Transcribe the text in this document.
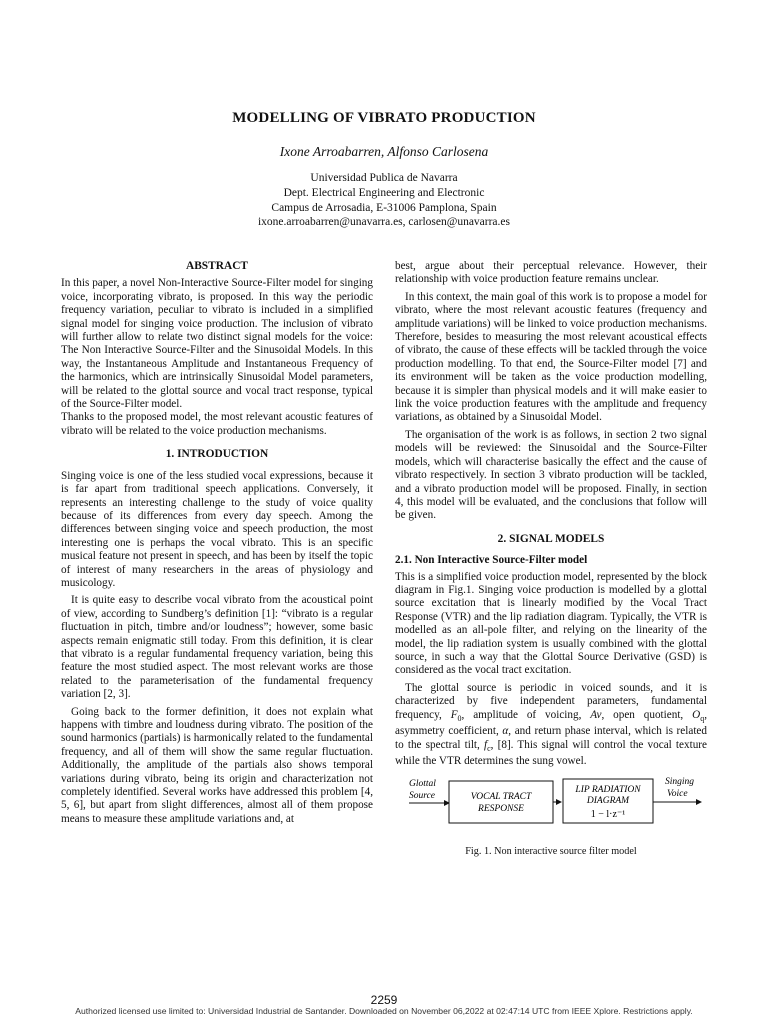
MODELLING OF VIBRATO PRODUCTION
Ixone Arroabarren, Alfonso Carlosena
Universidad Publica de Navarra
Dept. Electrical Engineering and Electronic
Campus de Arrosadia, E-31006 Pamplona, Spain
ixone.arroabarren@unavarra.es, carlosen@unavarra.es
ABSTRACT

In this paper, a novel Non-Interactive Source-Filter model for singing voice, incorporating vibrato, is proposed. In this way the periodic frequency variation, peculiar to vibrato is included in a simplified signal model for singing voice production. The inclusion of vibrato will further allow to relate two distinct signal models for the voice: The Non Interactive Source-Filter and the Sinusoidal Models. In this way, the Instantaneous Amplitude and Instantaneous Frequency of the harmonics, which are intrinsically Sinusoidal Model parameters, will be related to the glottal source and vocal tract response, typical of the Source-Filter model.

Thanks to the proposed model, the most relevant acoustic features of vibrato will be related to the voice production mechanisms.

1. INTRODUCTION

Singing voice is one of the less studied vocal expressions, because it is far apart from traditional speech applications. Conversely, it represents an interesting challenge to the study of voice quality because of its differences from every day speech. Among the differences between singing voice and speech production, the most interesting one is perhaps the vocal vibrato. This is an specific musical feature not present in speech, and has been by itself the topic of interest of many researchers in the areas of physiology and musicology.

It is quite easy to describe vocal vibrato from the acoustical point of view, according to Sundberg’s definition [1]: “vibrato is a regular fluctuation in pitch, timbre and/or loudness”; however, some basic aspects remain enigmatic still today. From this definition, it is clear that vibrato is a regular fundamental frequency variation, being this feature the most studied aspect. The most relevant works are those related to the parameterisation of the fundamental frequency variation [2, 3].

Going back to the former definition, it does not explain what happens with timbre and loudness during vibrato. The position of the sound harmonics (partials) is harmonically related to the fundamental frequency, and all of them will show the same regular fluctuation. Additionally, the amplitude of the partials also shows temporal variations during vibrato, being its origin and characterization not completely identified. Several works have addressed this problem [4, 5, 6], but apart from slight differences, almost all of them propose means to measure these amplitude variations and, at

best, argue about their perceptual relevance. However, their relationship with voice production feature remains unclear.

In this context, the main goal of this work is to propose a model for vibrato, where the most relevant acoustic features (frequency and amplitude variations) will be linked to voice production mechanisms. Therefore, besides to measuring the most relevant acoustical effects of vibrato, the cause of these effects will be tackled through the voice production modelling. To that end, the Source-Filter model [7] and its environment will be taken as the voice production modelling, because it is simpler than physical models and it will make easier to link the voice production features with the amplitude and frequency variations, as obtained by a Sinusoidal Model.

The organisation of the work is as follows, in section 2 two signal models will be reviewed: the Sinusoidal and the Source-Filter models, which will characterise basically the effect and the cause of vibrato respectively. In section 3 vibrato production will be tackled, and a vibrato production model will be proposed. Finally, in section 4, this model will be evaluated, and the conclusions that follow will be given.

2. SIGNAL MODELS
2.1. Non Interactive Source-Filter model

This is a simplified voice production model, represented by the block diagram in Fig.1. Singing voice production is modelled by a glottal source excitation that is linearly modified by the Vocal Tract Response (VTR) and the lip radiation diagram. Typically, the VTR is modelled as an all-pole filter, and relying on the linearity of the model, the lip radiation system is usually combined with the glottal source, in such a way that the Glottal Source Derivative (GSD) is considered as the vocal tract excitation.

The glottal source is periodic in voiced sounds, and it is characterized by five independent parameters, fundamental frequency, $F_0$, amplitude of voicing, Av, open quotient, $O_q$, asymmetry coefficient, α, and return phase interval, which is related to the spectral tilt, $f_c$, [8]. This signal will control the vocal texture while the VTR determines the sung vowel.

Glottal
Source	VOCAL TRACT
RESPONSE
LIP RADIATION
DIAGRAM
1 − l·z⁻¹
Singing
Voice
Fig. 1. Non interactive source filter model
2259
Authorized licensed use limited to: Universidad Industrial de Santander. Downloaded on November 06,2022 at 02:47:14 UTC from IEEE Xplore. Restrictions apply.
